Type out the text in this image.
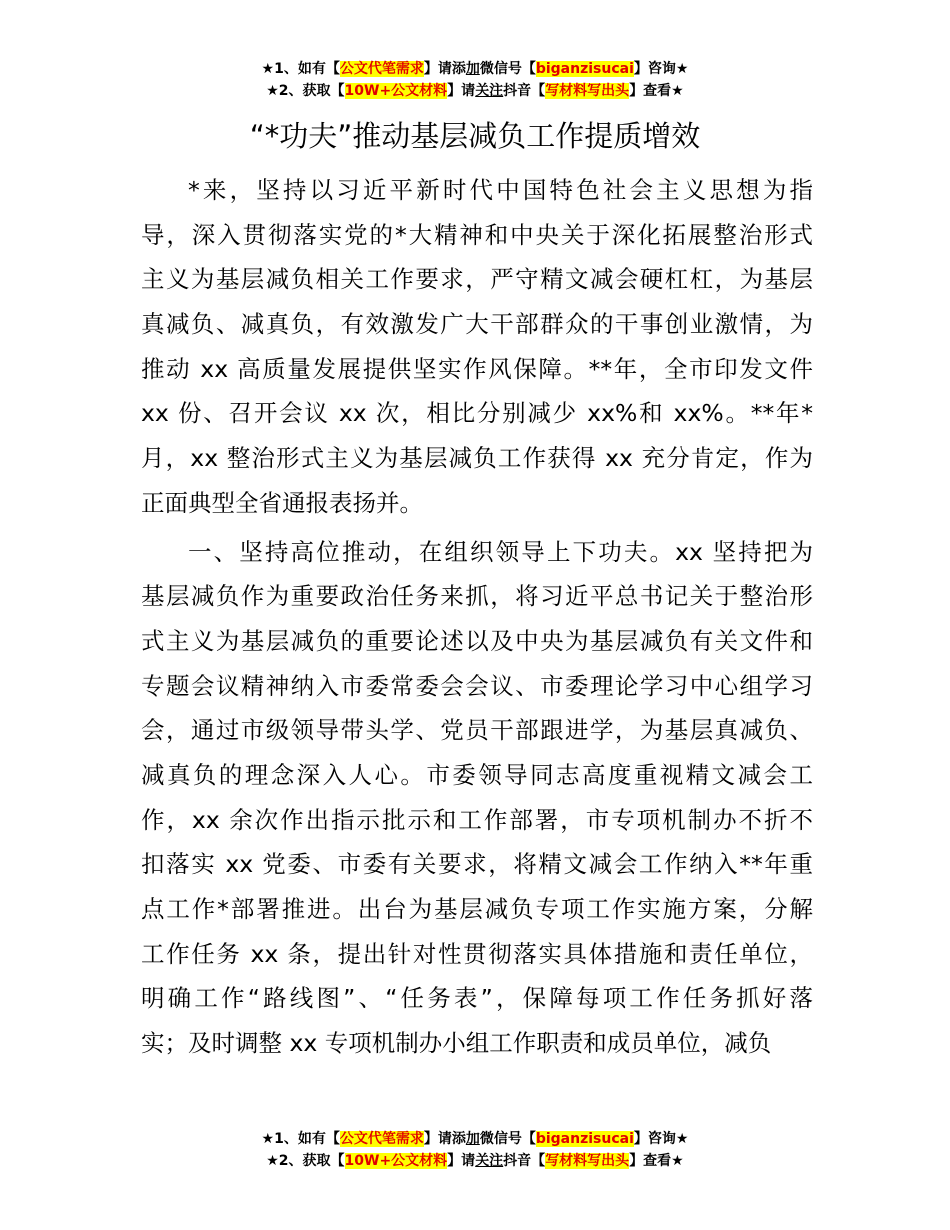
★1、如有【公文代笔需求】请添加微信号【biganzisucai】咨询★
★2、获取【10W+公文材料】请关注抖音【写材料写出头】查看★
“*功夫”推动基层减负工作提质增效
*来，坚持以习近平新时代中国特色社会主义思想为指
导，深入贯彻落实党的*大精神和中央关于深化拓展整治形式
主义为基层减负相关工作要求，严守精文减会硬杠杠，为基层
真减负、减真负，有效激发广大干部群众的干事创业激情，为
推动 xx 高质量发展提供坚实作风保障。**年，全市印发文件
xx 份、召开会议 xx 次，相比分别减少 xx%和 xx%。**年*
月，xx 整治形式主义为基层减负工作获得 xx 充分肯定，作为
正面典型全省通报表扬并。
一、坚持高位推动，在组织领导上下功夫。xx 坚持把为
基层减负作为重要政治任务来抓，将习近平总书记关于整治形
式主义为基层减负的重要论述以及中央为基层减负有关文件和
专题会议精神纳入市委常委会会议、市委理论学习中心组学习
会，通过市级领导带头学、党员干部跟进学，为基层真减负、
减真负的理念深入人心。市委领导同志高度重视精文减会工
作，xx 余次作出指示批示和工作部署，市专项机制办不折不
扣落实 xx 党委、市委有关要求，将精文减会工作纳入**年重
点工作*部署推进。出台为基层减负专项工作实施方案，分解
工作任务 xx 条，提出针对性贯彻落实具体措施和责任单位，
明确工作“路线图”、“任务表”，保障每项工作任务抓好落
实；及时调整 xx 专项机制办小组工作职责和成员单位，减负
★1、如有【公文代笔需求】请添加微信号【biganzisucai】咨询★
★2、获取【10W+公文材料】请关注抖音【写材料写出头】查看★
